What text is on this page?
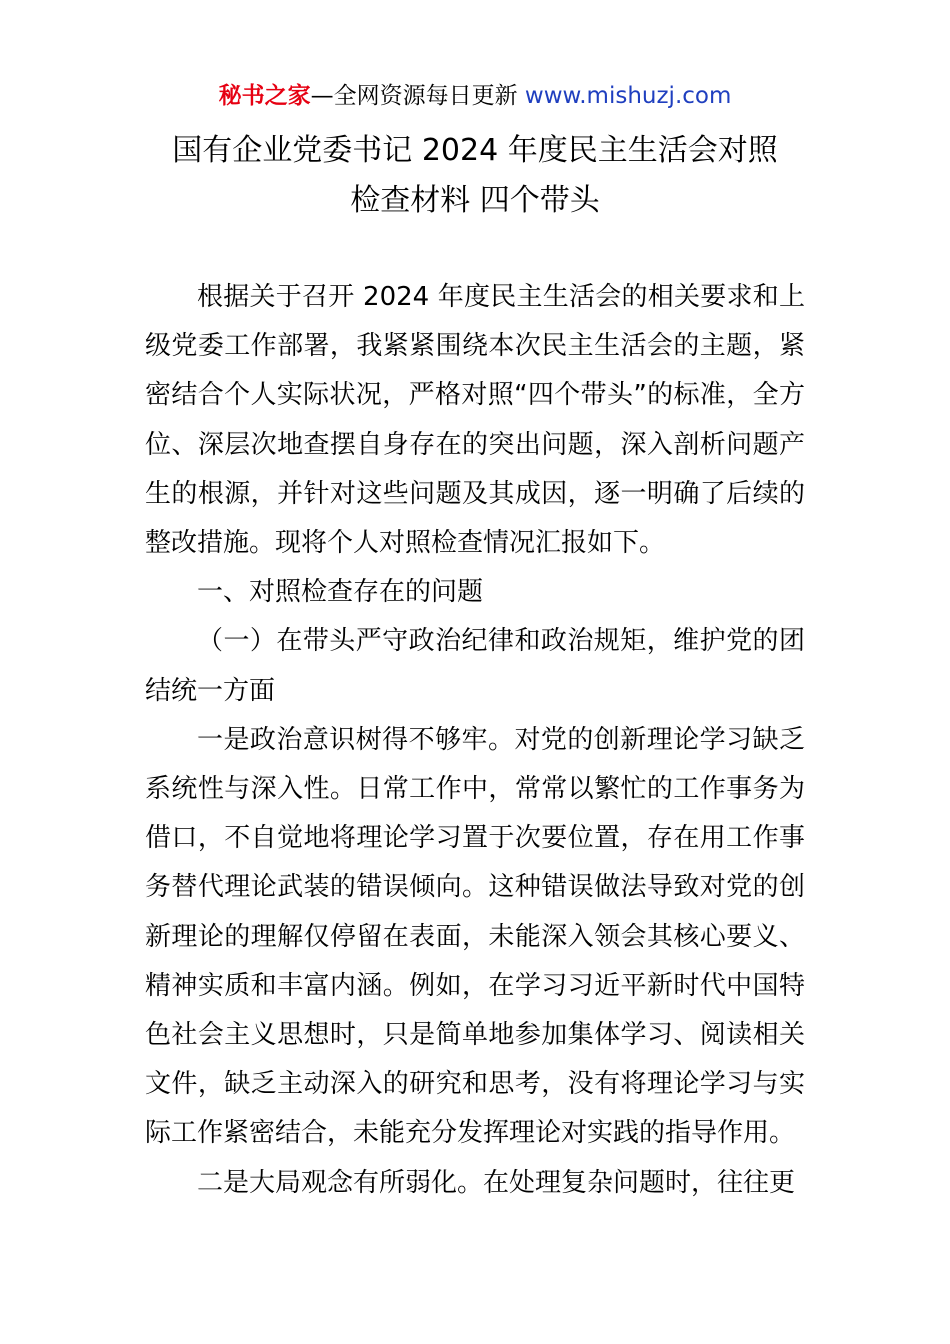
秘书之家—全网资源每日更新 www.mishuzj.com
国有企业党委书记 2024 年度民主生活会对照
检查材料 四个带头

根据关于召开 2024 年度民主生活会的相关要求和上级党委工作部署，我紧紧围绕本次民主生活会的主题，紧密结合个人实际状况，严格对照“四个带头”的标准，全方位、深层次地查摆自身存在的突出问题，深入剖析问题产生的根源，并针对这些问题及其成因，逐一明确了后续的整改措施。现将个人对照检查情况汇报如下。

一、对照检查存在的问题

（一）在带头严守政治纪律和政治规矩，维护党的团结统一方面

一是政治意识树得不够牢。对党的创新理论学习缺乏系统性与深入性。日常工作中，常常以繁忙的工作事务为借口，不自觉地将理论学习置于次要位置，存在用工作事务替代理论武装的错误倾向。这种错误做法导致对党的创新理论的理解仅停留在表面，未能深入领会其核心要义、精神实质和丰富内涵。例如，在学习习近平新时代中国特色社会主义思想时，只是简单地参加集体学习、阅读相关文件，缺乏主动深入的研究和思考，没有将理论学习与实际工作紧密结合，未能充分发挥理论对实践的指导作用。

二是大局观念有所弱化。在处理复杂问题时，往往更
